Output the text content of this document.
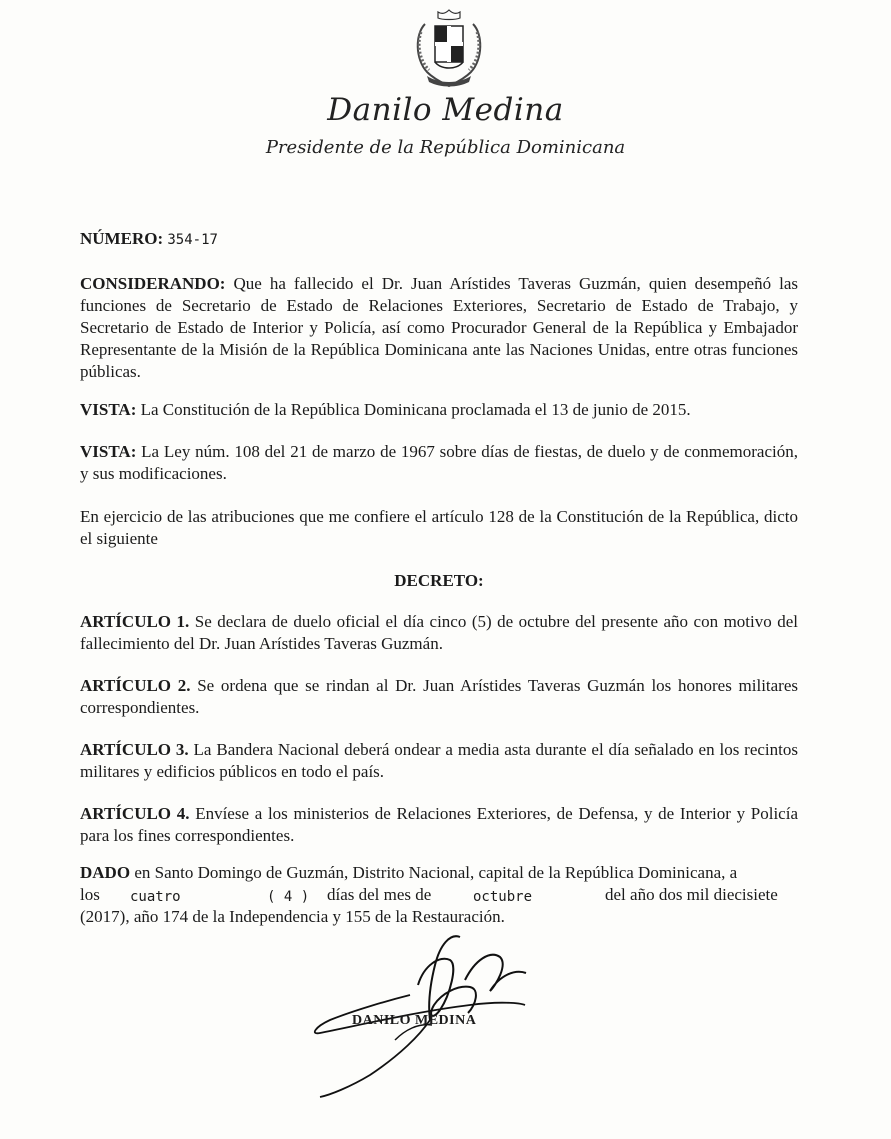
Danilo Medina
Presidente de la República Dominicana
NÚMERO: 354-17
CONSIDERANDO: Que ha fallecido el Dr. Juan Arístides Taveras Guzmán, quien desempeñó las funciones de Secretario de Estado de Relaciones Exteriores, Secretario de Estado de Trabajo, y Secretario de Estado de Interior y Policía, así como Procurador General de la República y Embajador Representante de la Misión de la República Dominicana ante las Naciones Unidas, entre otras funciones públicas.
VISTA: La Constitución de la República Dominicana proclamada el 13 de junio de 2015.
VISTA: La Ley núm. 108 del 21 de marzo de 1967 sobre días de fiestas, de duelo y de conmemoración, y sus modificaciones.
En ejercicio de las atribuciones que me confiere el artículo 128 de la Constitución de la República, dicto el siguiente
DECRETO:
ARTÍCULO 1. Se declara de duelo oficial el día cinco (5) de octubre del presente año con motivo del fallecimiento del Dr. Juan Arístides Taveras Guzmán.
ARTÍCULO 2. Se ordena que se rindan al Dr. Juan Arístides Taveras Guzmán los honores militares correspondientes.
ARTÍCULO 3. La Bandera Nacional deberá ondear a media asta durante el día señalado en los recintos militares y edificios públicos en todo el país.
ARTÍCULO 4. Envíese a los ministerios de Relaciones Exteriores, de Defensa, y de Interior y Policía para los fines correspondientes.
DADO en Santo Domingo de Guzmán, Distrito Nacional, capital de la República Dominicana, a
los cuatro	( 4 ) días del mes de	octubre	del año dos mil diecisiete
(2017), año 174 de la Independencia y 155 de la Restauración.
DANILO MEDINA
